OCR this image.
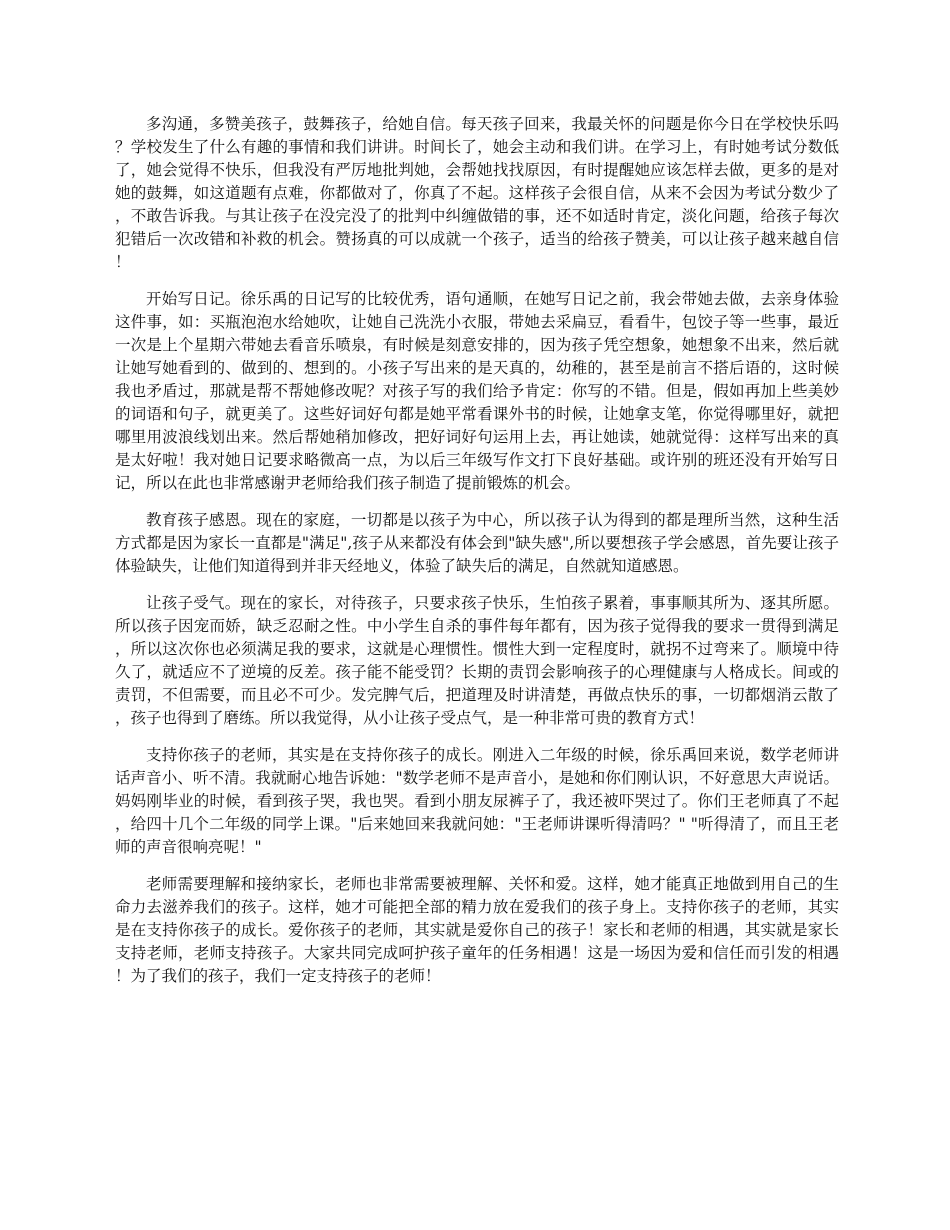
多沟通，多赞美孩子，鼓舞孩子，给她自信。每天孩子回来，我最关怀的问题是你今日在学校快乐吗？学校发生了什么有趣的事情和我们讲讲。时间长了，她会主动和我们讲。在学习上，有时她考试分数低了，她会觉得不快乐，但我没有严厉地批判她，会帮她找找原因，有时提醒她应该怎样去做，更多的是对她的鼓舞，如这道题有点难，你都做对了，你真了不起。这样孩子会很自信，从来不会因为考试分数少了，不敢告诉我。与其让孩子在没完没了的批判中纠缠做错的事，还不如适时肯定，淡化问题，给孩子每次犯错后一次改错和补救的机会。赞扬真的可以成就一个孩子，适当的给孩子赞美，可以让孩子越来越自信！

开始写日记。徐乐禹的日记写的比较优秀，语句通顺，在她写日记之前，我会带她去做，去亲身体验这件事，如：买瓶泡泡水给她吹，让她自己洗洗小衣服，带她去采扁豆，看看牛，包饺子等一些事，最近一次是上个星期六带她去看音乐喷泉，有时候是刻意安排的，因为孩子凭空想象，她想象不出来，然后就让她写她看到的、做到的、想到的。小孩子写出来的是天真的，幼稚的，甚至是前言不搭后语的，这时候我也矛盾过，那就是帮不帮她修改呢？对孩子写的我们给予肯定：你写的不错。但是，假如再加上些美妙的词语和句子，就更美了。这些好词好句都是她平常看课外书的时候，让她拿支笔，你觉得哪里好，就把哪里用波浪线划出来。然后帮她稍加修改，把好词好句运用上去，再让她读，她就觉得：这样写出来的真是太好啦！我对她日记要求略微高一点，为以后三年级写作文打下良好基础。或许别的班还没有开始写日记，所以在此也非常感谢尹老师给我们孩子制造了提前锻炼的机会。

教育孩子感恩。现在的家庭，一切都是以孩子为中心，所以孩子认为得到的都是理所当然，这种生活方式都是因为家长一直都是"满足",孩子从来都没有体会到"缺失感",所以要想孩子学会感恩，首先要让孩子体验缺失，让他们知道得到并非天经地义，体验了缺失后的满足，自然就知道感恩。

让孩子受气。现在的家长，对待孩子，只要求孩子快乐，生怕孩子累着，事事顺其所为、逐其所愿。所以孩子因宠而娇，缺乏忍耐之性。中小学生自杀的事件每年都有，因为孩子觉得我的要求一贯得到满足，所以这次你也必须满足我的要求，这就是心理惯性。惯性大到一定程度时，就拐不过弯来了。顺境中待久了，就适应不了逆境的反差。孩子能不能受罚？长期的责罚会影响孩子的心理健康与人格成长。间或的责罚，不但需要，而且必不可少。发完脾气后，把道理及时讲清楚，再做点快乐的事，一切都烟消云散了，孩子也得到了磨练。所以我觉得，从小让孩子受点气，是一种非常可贵的教育方式！

支持你孩子的老师，其实是在支持你孩子的成长。刚进入二年级的时候，徐乐禹回来说，数学老师讲话声音小、听不清。我就耐心地告诉她："数学老师不是声音小，是她和你们刚认识，不好意思大声说话。妈妈刚毕业的时候，看到孩子哭，我也哭。看到小朋友尿裤子了，我还被吓哭过了。你们王老师真了不起，给四十几个二年级的同学上课。"后来她回来我就问她："王老师讲课听得清吗？" "听得清了，而且王老师的声音很响亮呢！"

老师需要理解和接纳家长，老师也非常需要被理解、关怀和爱。这样，她才能真正地做到用自己的生命力去滋养我们的孩子。这样，她才可能把全部的精力放在爱我们的孩子身上。支持你孩子的老师，其实是在支持你孩子的成长。爱你孩子的老师，其实就是爱你自己的孩子！家长和老师的相遇，其实就是家长支持老师，老师支持孩子。大家共同完成呵护孩子童年的任务相遇！这是一场因为爱和信任而引发的相遇！为了我们的孩子，我们一定支持孩子的老师！
